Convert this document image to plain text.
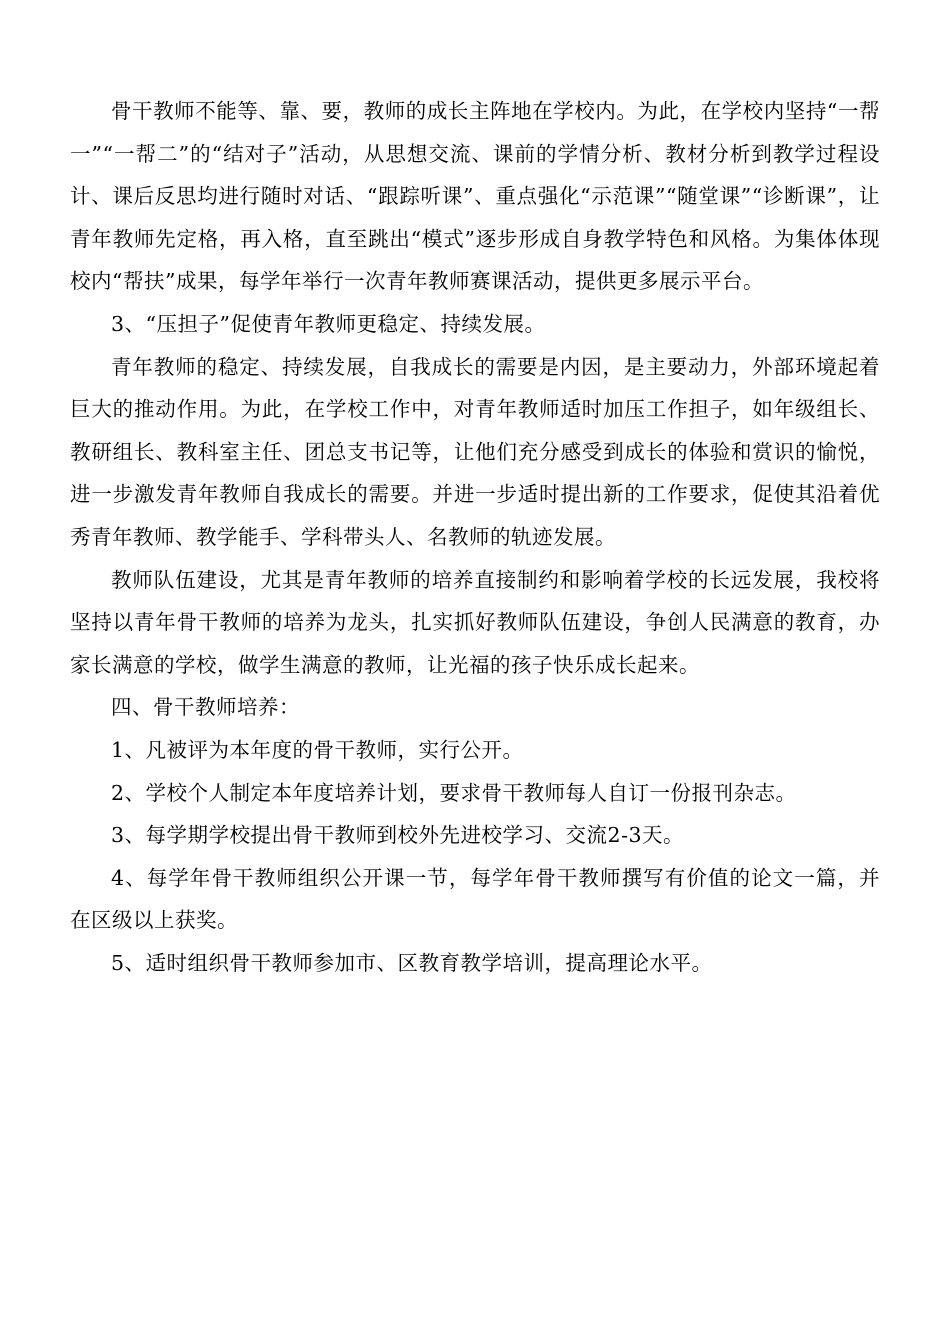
骨干教师不能等、靠、要，教师的成长主阵地在学校内。为此，在学校内坚持“一帮一”“一帮二”的“结对子”活动，从思想交流、课前的学情分析、教材分析到教学过程设计、课后反思均进行随时对话、“跟踪听课”、重点强化“示范课”“随堂课”“诊断课”，让青年教师先定格，再入格，直至跳出“模式”逐步形成自身教学特色和风格。为集体体现校内“帮扶”成果，每学年举行一次青年教师赛课活动，提供更多展示平台。

3、“压担子”促使青年教师更稳定、持续发展。

青年教师的稳定、持续发展，自我成长的需要是内因，是主要动力，外部环境起着巨大的推动作用。为此，在学校工作中，对青年教师适时加压工作担子，如年级组长、教研组长、教科室主任、团总支书记等，让他们充分感受到成长的体验和赏识的愉悦，进一步激发青年教师自我成长的需要。并进一步适时提出新的工作要求，促使其沿着优秀青年教师、教学能手、学科带头人、名教师的轨迹发展。

教师队伍建设，尤其是青年教师的培养直接制约和影响着学校的长远发展，我校将坚持以青年骨干教师的培养为龙头，扎实抓好教师队伍建设，争创人民满意的教育，办家长满意的学校，做学生满意的教师，让光福的孩子快乐成长起来。

四、骨干教师培养：

1、凡被评为本年度的骨干教师，实行公开。

2、学校个人制定本年度培养计划，要求骨干教师每人自订一份报刊杂志。

3、每学期学校提出骨干教师到校外先进校学习、交流2-3天。

4、每学年骨干教师组织公开课一节，每学年骨干教师撰写有价值的论文一篇，并在区级以上获奖。

5、适时组织骨干教师参加市、区教育教学培训，提高理论水平。
